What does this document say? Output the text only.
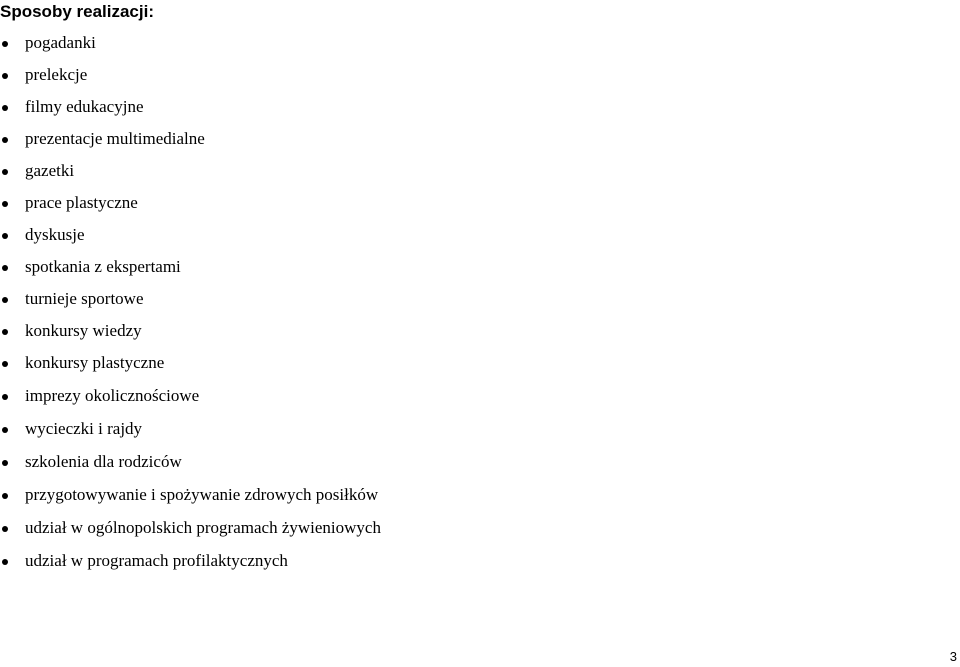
Sposoby realizacji:
pogadanki
prelekcje
filmy edukacyjne
prezentacje multimedialne
gazetki
prace plastyczne
dyskusje
spotkania z ekspertami
turnieje sportowe
konkursy wiedzy
konkursy plastyczne
imprezy okolicznościowe
wycieczki i rajdy
szkolenia dla rodziców
przygotowywanie i spożywanie zdrowych posiłków
udział w ogólnopolskich programach żywieniowych
udział w programach profilaktycznych
3
